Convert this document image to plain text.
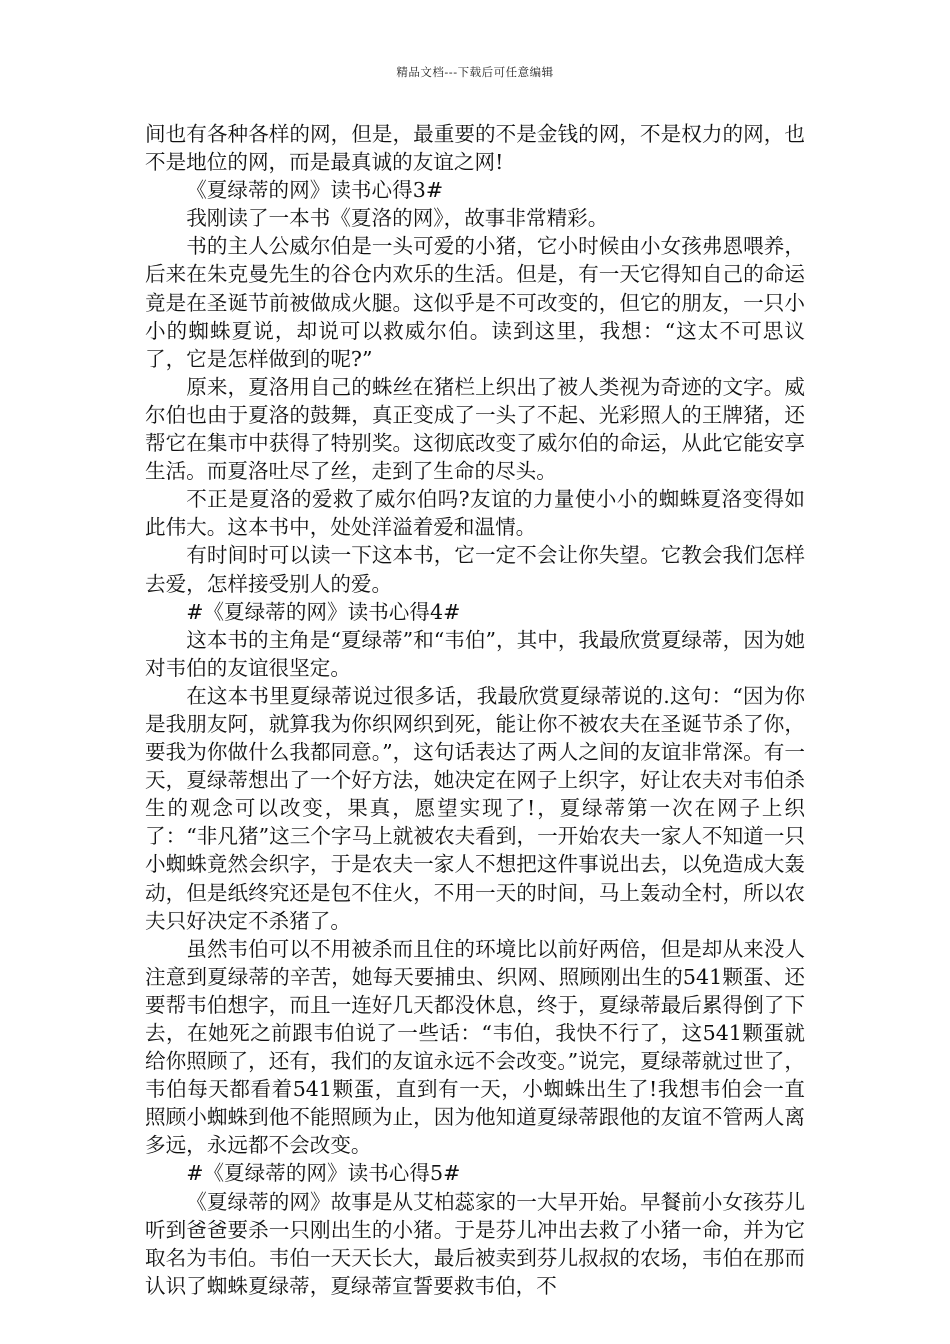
精品文档---下载后可任意编辑

间也有各种各样的网，但是，最重要的不是金钱的网，不是权力的网，也不是地位的网，而是最真诚的友谊之网!

《夏绿蒂的网》读书心得3#

我刚读了一本书《夏洛的网》，故事非常精彩。

书的主人公威尔伯是一头可爱的小猪，它小时候由小女孩弗恩喂养，后来在朱克曼先生的谷仓内欢乐的生活。但是，有一天它得知自己的命运竟是在圣诞节前被做成火腿。这似乎是不可改变的，但它的朋友，一只小小的蜘蛛夏说，却说可以救威尔伯。读到这里，我想：“这太不可思议了，它是怎样做到的呢?”

原来，夏洛用自己的蛛丝在猪栏上织出了被人类视为奇迹的文字。威尔伯也由于夏洛的鼓舞，真正变成了一头了不起、光彩照人的王牌猪，还帮它在集市中获得了特别奖。这彻底改变了威尔伯的命运，从此它能安享生活。而夏洛吐尽了丝，走到了生命的尽头。

不正是夏洛的爱救了威尔伯吗?友谊的力量使小小的蜘蛛夏洛变得如此伟大。这本书中，处处洋溢着爱和温情。

有时间时可以读一下这本书，它一定不会让你失望。它教会我们怎样去爱，怎样接受别人的爱。

#《夏绿蒂的网》读书心得4#

这本书的主角是“夏绿蒂”和“韦伯”，其中，我最欣赏夏绿蒂，因为她对韦伯的友谊很坚定。

在这本书里夏绿蒂说过很多话，我最欣赏夏绿蒂说的.这句：“因为你是我朋友阿，就算我为你织网织到死，能让你不被农夫在圣诞节杀了你，要我为你做什么我都同意。”，这句话表达了两人之间的友谊非常深。有一天，夏绿蒂想出了一个好方法，她决定在网子上织字，好让农夫对韦伯杀生的观念可以改变，果真，愿望实现了!，夏绿蒂第一次在网子上织了：“非凡猪”这三个字马上就被农夫看到，一开始农夫一家人不知道一只小蜘蛛竟然会织字，于是农夫一家人不想把这件事说出去，以免造成大轰动，但是纸终究还是包不住火，不用一天的时间，马上轰动全村，所以农夫只好决定不杀猪了。

虽然韦伯可以不用被杀而且住的环境比以前好两倍，但是却从来没人注意到夏绿蒂的辛苦，她每天要捕虫、织网、照顾刚出生的541颗蛋、还要帮韦伯想字，而且一连好几天都没休息，终于，夏绿蒂最后累得倒了下去，在她死之前跟韦伯说了一些话：“韦伯，我快不行了，这541颗蛋就给你照顾了，还有，我们的友谊永远不会改变。”说完，夏绿蒂就过世了，韦伯每天都看着541颗蛋，直到有一天，小蜘蛛出生了!我想韦伯会一直照顾小蜘蛛到他不能照顾为止，因为他知道夏绿蒂跟他的友谊不管两人离多远，永远都不会改变。

#《夏绿蒂的网》读书心得5#

《夏绿蒂的网》故事是从艾柏蕊家的一大早开始。早餐前小女孩芬儿听到爸爸要杀一只刚出生的小猪。于是芬儿冲出去救了小猪一命，并为它取名为韦伯。韦伯一天天长大，最后被卖到芬儿叔叔的农场，韦伯在那而认识了蜘蛛夏绿蒂，夏绿蒂宣誓要救韦伯，不
